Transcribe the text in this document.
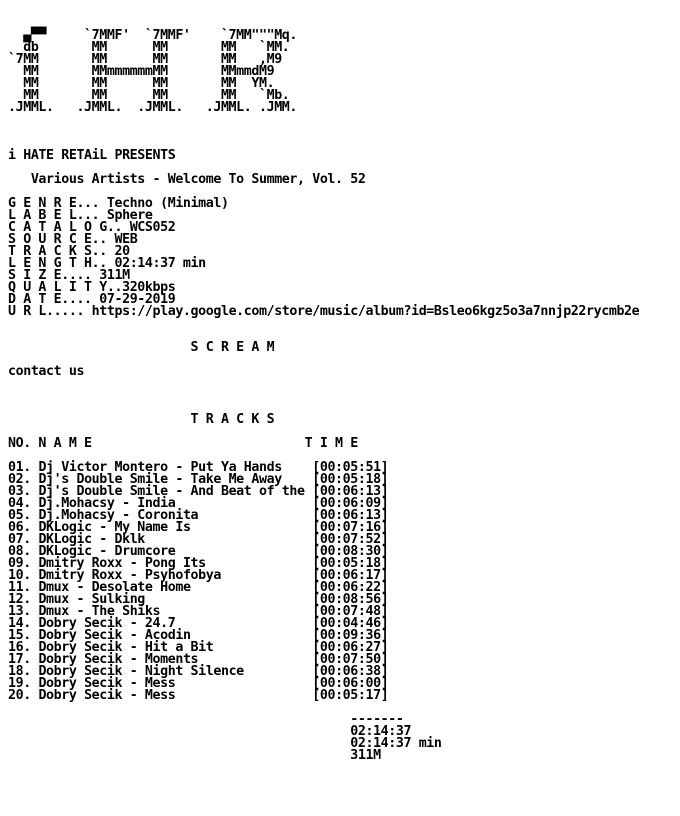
▄▀▀     `7MMF'  `7MMF'    `7MM"""Mq.
db       MM      MM       MM   `MM.
`7MM       MM      MM       MM   ,M9
MM       MMmmmmmmMM       MMmmdM9
MM       MM      MM       MM  YM.
MM       MM      MM       MM   `Mb.
.JMML.   .JMML.  .JMML.   .JMML. .JMM.
i HATE RETAiL PRESENTS
Various Artists - Welcome To Summer, Vol. 52
G E N R E... Techno (Minimal)
L A B E L... Sphere
C A T A L O G.. WCS052
S O U R C E.. WEB
T R A C K S.. 20
L E N G T H.. 02:14:37 min
S I Z E.... 311M
Q U A L I T Y..320kbps
D A T E.... 07-29-2019
U R L..... https://play.google.com/store/music/album?id=Bsleo6kgz5o3a7nnjp22rycmb2e
S C R E A M
contact us
T R A C K S
NO. N A M E	T I M E
01. Dj Victor Montero - Put Ya Hands [00:05:51]
02. Dj's Double Smile - Take Me Away [00:05:18]
03. Dj's Double Smile - And Beat of the [00:06:13]
04. Dj.Mohacsy - India	[00:06:09]
05. Dj.Mohacsy - Coronita	[00:06:13]
06. DKLogic - My Name Is	[00:07:16]
07. DKLogic - Dklk	[00:07:52]
08. DKLogic - Drumcore	[00:08:30]
09. Dmitry Roxx - Pong Its	[00:05:18]
10. Dmitry Roxx - Psyhofobya	[00:06:17]
11. Dmux - Desolate Home	[00:06:22]
12. Dmux - Sulking	[00:08:56]
13. Dmux - The Shiks	[00:07:48]
14. Dobry Secik - 24.7	[00:04:46]
15. Dobry Secik - Acodin	[00:09:36]
16. Dobry Secik - Hit a Bit	[00:06:27]
17. Dobry Secik - Moments	[00:07:50]
18. Dobry Secik - Night Silence	[00:06:38]
19. Dobry Secik - Mess	[00:06:00]
20. Dobry Secik - Mess	[00:05:17]
-------
02:14:37
02:14:37 min
311M
